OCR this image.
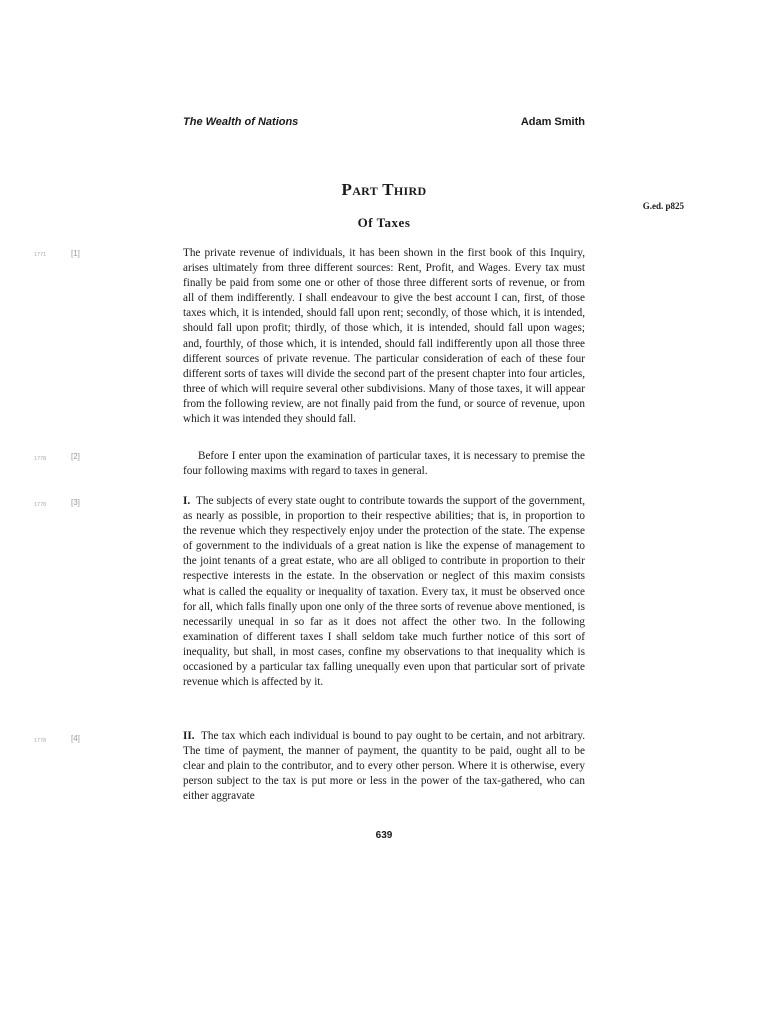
The Wealth of Nations	Adam Smith
Part Third
G.ed. p825
Of Taxes
1771	[1]	The private revenue of individuals, it has been shown in the first book of this Inquiry, arises ultimately from three different sources: Rent, Profit, and Wages. Every tax must finally be paid from some one or other of those three different sorts of revenue, or from all of them indifferently. I shall endeavour to give the best account I can, first, of those taxes which, it is intended, should fall upon rent; secondly, of those which, it is intended, should fall upon profit; thirdly, of those which, it is intended, should fall upon wages; and, fourthly, of those which, it is intended, should fall indifferently upon all those three different sources of private revenue. The particular consideration of each of these four different sorts of taxes will divide the second part of the present chapter into four articles, three of which will require several other subdivisions. Many of those taxes, it will appear from the following review, are not finally paid from the fund, or source of revenue, upon which it was intended they should fall.

1778	[2]	Before I enter upon the examination of particular taxes, it is necessary to premise the four following maxims with regard to taxes in general.

1778	[3]	I. The subjects of every state ought to contribute towards the support of the government, as nearly as possible, in proportion to their respective abilities; that is, in proportion to the revenue which they respectively enjoy under the protection of the state. The expense of government to the individuals of a great nation is like the expense of management to the joint tenants of a great estate, who are all obliged to contribute in proportion to their respective interests in the estate. In the observation or neglect of this maxim consists what is called the equality or inequality of taxation. Every tax, it must be observed once for all, which falls finally upon one only of the three sorts of revenue above mentioned, is necessarily unequal in so far as it does not affect the other two. In the following examination of different taxes I shall seldom take much further notice of this sort of inequality, but shall, in most cases, confine my observations to that inequality which is occasioned by a particular tax falling unequally even upon that particular sort of private revenue which is affected by it.

1778	[4]	II. The tax which each individual is bound to pay ought to be certain, and not arbitrary. The time of payment, the manner of payment, the quantity to be paid, ought all to be clear and plain to the contributor, and to every other person. Where it is otherwise, every person subject to the tax is put more or less in the power of the tax-gathered, who can either aggravate

639
